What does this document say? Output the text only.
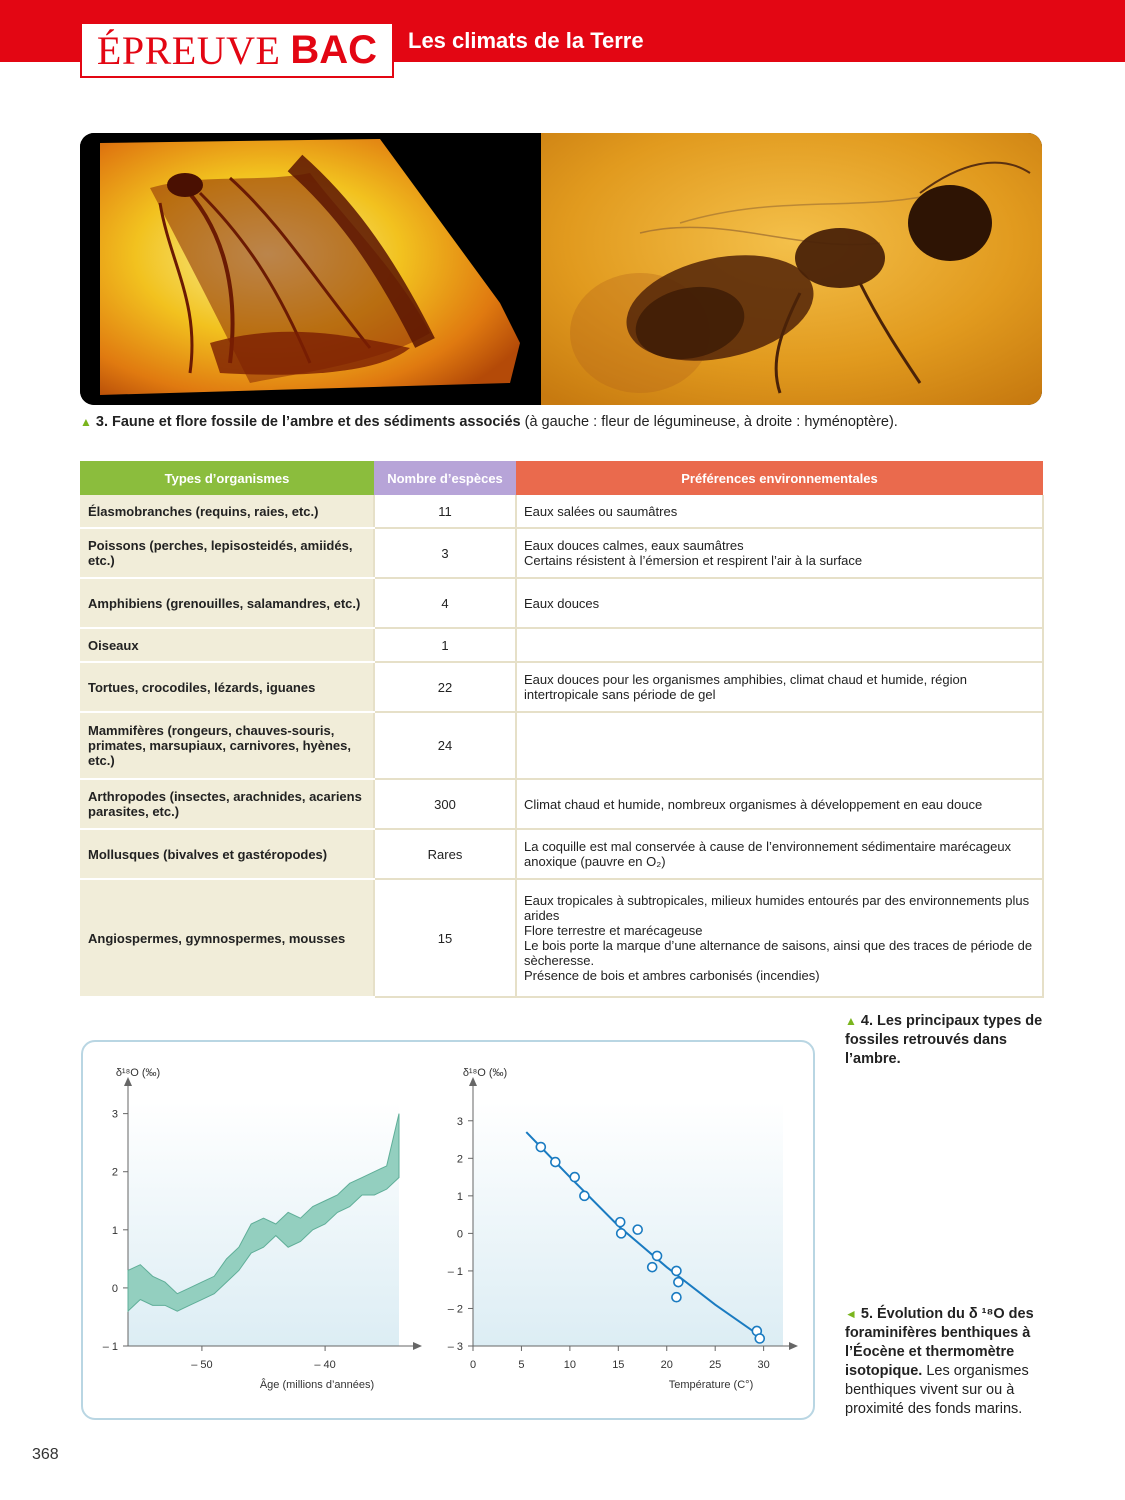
ÉPREUVE BAC Les climats de la Terre
▲ 3. Faune et flore fossile de l’ambre et des sédiments associés (à gauche : fleur de légumineuse, à droite : hyménoptère).
Types d’organismes	Nombre d’espèces	Préférences environnementales
Élasmobranches (requins, raies, etc.)	11	Eaux salées ou saumâtres

Poissons (perches, lepisosteidés, amiidés, etc.)	3	Eaux douces calmes, eaux saumâtres
Certains résistent à l’émersion et respirent l’air à la surface

Amphibiens (grenouilles, salamandres, etc.)	4	Eaux douces

Oiseaux	1	
Tortues, crocodiles, lézards, iguanes	22	Eaux douces pour les organismes amphibies, climat chaud et humide, région intertropicale sans période de gel

Mammifères (rongeurs, chauves-souris, primates, marsupiaux, carnivores, hyènes, etc.)	24	
Arthropodes (insectes, arachnides, acariens parasites, etc.)	300	Climat chaud et humide, nombreux organismes à développement en eau douce

Mollusques (bivalves et gastéropodes)	Rares	La coquille est mal conservée à cause de l’environnement sédimentaire marécageux anoxique (pauvre en O₂)

Angiospermes, gymnospermes, mousses	15	Eaux tropicales à subtropicales, milieux humides entourés par des environnements plus arides
Flore terrestre et marécageuse
Le bois porte la marque d’une alternance de saisons, ainsi que des traces de période de sècheresse.
Présence de bois et ambres carbonisés (incendies)
▲ 4. Les principaux types de fossiles retrouvés dans l’ambre.
3
2
1
0
– 1
– 50	– 40
δ¹⁸O (‰)
Âge (millions d’années)
3
2
1
0
– 1
– 2
– 3
0	5	10	15	20	25	30
δ¹⁸O (‰)
Température (C°)
◄ 5. Évolution du δ ¹⁸O des foraminifères benthiques à l’Éocène et thermomètre isotopique. Les organismes benthiques vivent sur ou à proximité des fonds marins.
368
